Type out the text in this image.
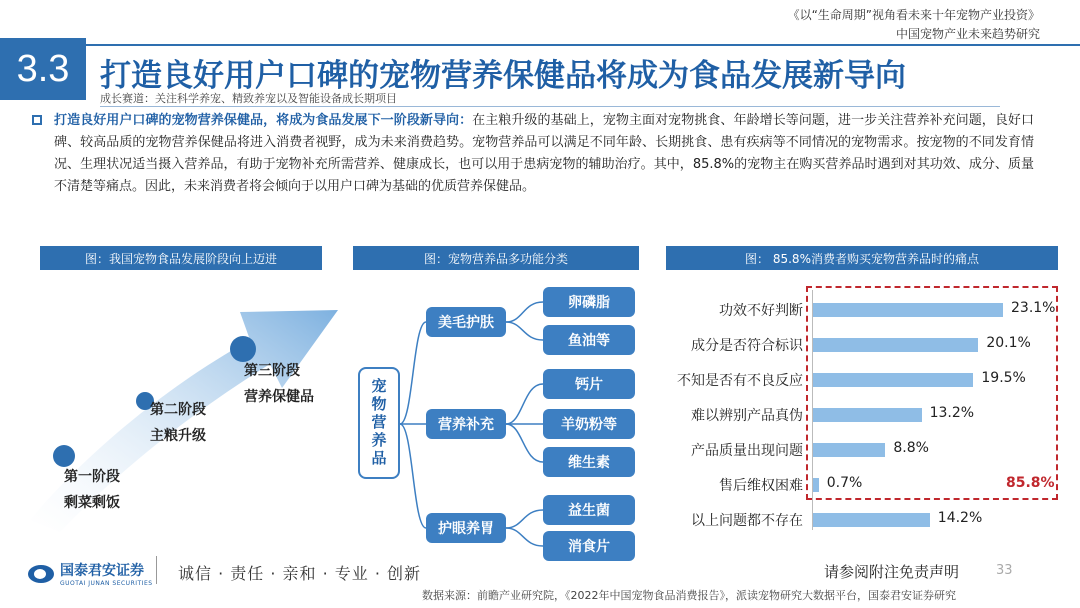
《以“生命周期”视角看未来十年宠物产业投资》
中国宠物产业未来趋势研究
3.3 打造良好用户口碑的宠物营养保健品将成为食品发展新导向
成长赛道：关注科学养宠、精致养宠以及智能设备成长期项目
打造良好用户口碑的宠物营养保健品，将成为食品发展下一阶段新导向：在主粮升级的基础上，宠物主面对宠物挑食、年龄增长等问题，进一步关注营养补充问题，良好口碑、较高品质的宠物营养保健品将进入消费者视野，成为未来消费趋势。宠物营养品可以满足不同年龄、长期挑食、患有疾病等不同情况的宠物需求。按宠物的不同发育情况、生理状况适当摄入营养品，有助于宠物补充所需营养、健康成长，也可以用于患病宠物的辅助治疗。其中，85.8%的宠物主在购买营养品时遇到对其功效、成分、质量不清楚等痛点。因此，未来消费者将会倾向于以用户口碑为基础的优质营养保健品。
图：我国宠物食品发展阶段向上迈进	图：宠物营养品多功能分类	图： 85.8%消费者购买宠物营养品时的痛点
第一阶段
剩菜剩饭
第二阶段
主粮升级
第三阶段
营养保健品	宠物营养品
美毛护肤
营养补充
护眼养胃
卵磷脂
鱼油等
钙片
羊奶粉等
维生素
益生菌
消食片
功效不好判断	23.1%
成分是否符合标识	20.1%
不知是否有不良反应	19.5%
难以辨别产品真伪	13.2%
产品质量出现问题	8.8%
售后维权困难 0.7%
以上问题都不存在	14.2%
85.8%
国泰君安证券
GUOTAI JUNAN SECURITIES
诚信 · 责任 · 亲和 · 专业 · 创新	请参阅附注免责声明	33
数据来源：前瞻产业研究院，《2022年中国宠物食品消费报告》，派读宠物研究大数据平台，国泰君安证券研究
